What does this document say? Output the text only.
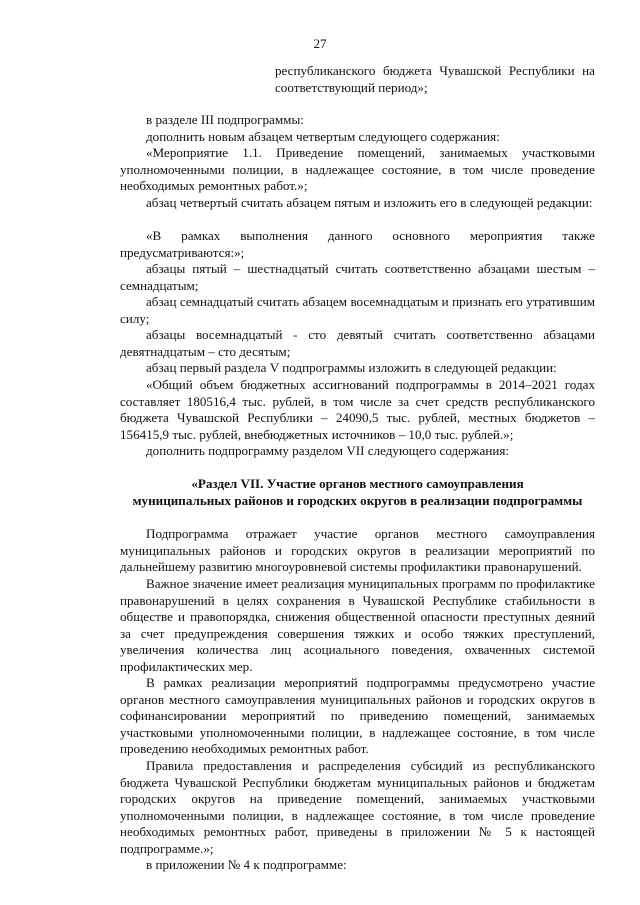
27

республиканского бюджета Чувашской Республики на соответствующий период»;

в разделе III подпрограммы:

дополнить новым абзацем четвертым следующего содержания:

«Мероприятие 1.1. Приведение помещений, занимаемых участковыми уполномоченными полиции, в надлежащее состояние, в том числе проведение необходимых ремонтных работ.»;

абзац четвертый считать абзацем пятым и изложить его в следующей редакции:

«В рамках выполнения данного основного мероприятия также предусматриваются:»;

абзацы пятый – шестнадцатый считать соответственно абзацами шестым – семнадцатым;

абзац семнадцатый считать абзацем восемнадцатым и признать его утратившим силу;

абзацы восемнадцатый - сто девятый считать соответственно абзацами девятнадцатым – сто десятым;

абзац первый раздела V подпрограммы изложить в следующей редакции:

«Общий объем бюджетных ассигнований подпрограммы в 2014–2021 годах составляет 180516,4 тыс. рублей, в том числе за счет средств республиканского бюджета Чувашской Республики – 24090,5 тыс. рублей, местных бюджетов – 156415,9 тыс. рублей, внебюджетных источников – 10,0 тыс. рублей.»;

дополнить подпрограмму разделом VII следующего содержания:

«Раздел VII. Участие органов местного самоуправления
муниципальных районов и городских округов в реализации подпрограммы

Подпрограмма отражает участие органов местного самоуправления муниципальных районов и городских округов в реализации мероприятий по дальнейшему развитию многоуровневой системы профилактики правонарушений.

Важное значение имеет реализация муниципальных программ по профилактике правонарушений в целях сохранения в Чувашской Республике стабильности в обществе и правопорядка, снижения общественной опасности преступных деяний за счет предупреждения совершения тяжких и особо тяжких преступлений, увеличения количества лиц асоциального поведения, охваченных системой профилактических мер.

В рамках реализации мероприятий подпрограммы предусмотрено участие органов местного самоуправления муниципальных районов и городских округов в софинансировании мероприятий по приведению помещений, занимаемых участковыми уполномоченными полиции, в надлежащее состояние, в том числе проведению необходимых ремонтных работ.

Правила предоставления и распределения субсидий из республиканского бюджета Чувашской Республики бюджетам муниципальных районов и бюджетам городских округов на приведение помещений, занимаемых участковыми уполномоченными полиции, в надлежащее состояние, в том числе проведение необходимых ремонтных работ, приведены в приложении № 5 к настоящей подпрограмме.»;

в приложении № 4 к подпрограмме:
